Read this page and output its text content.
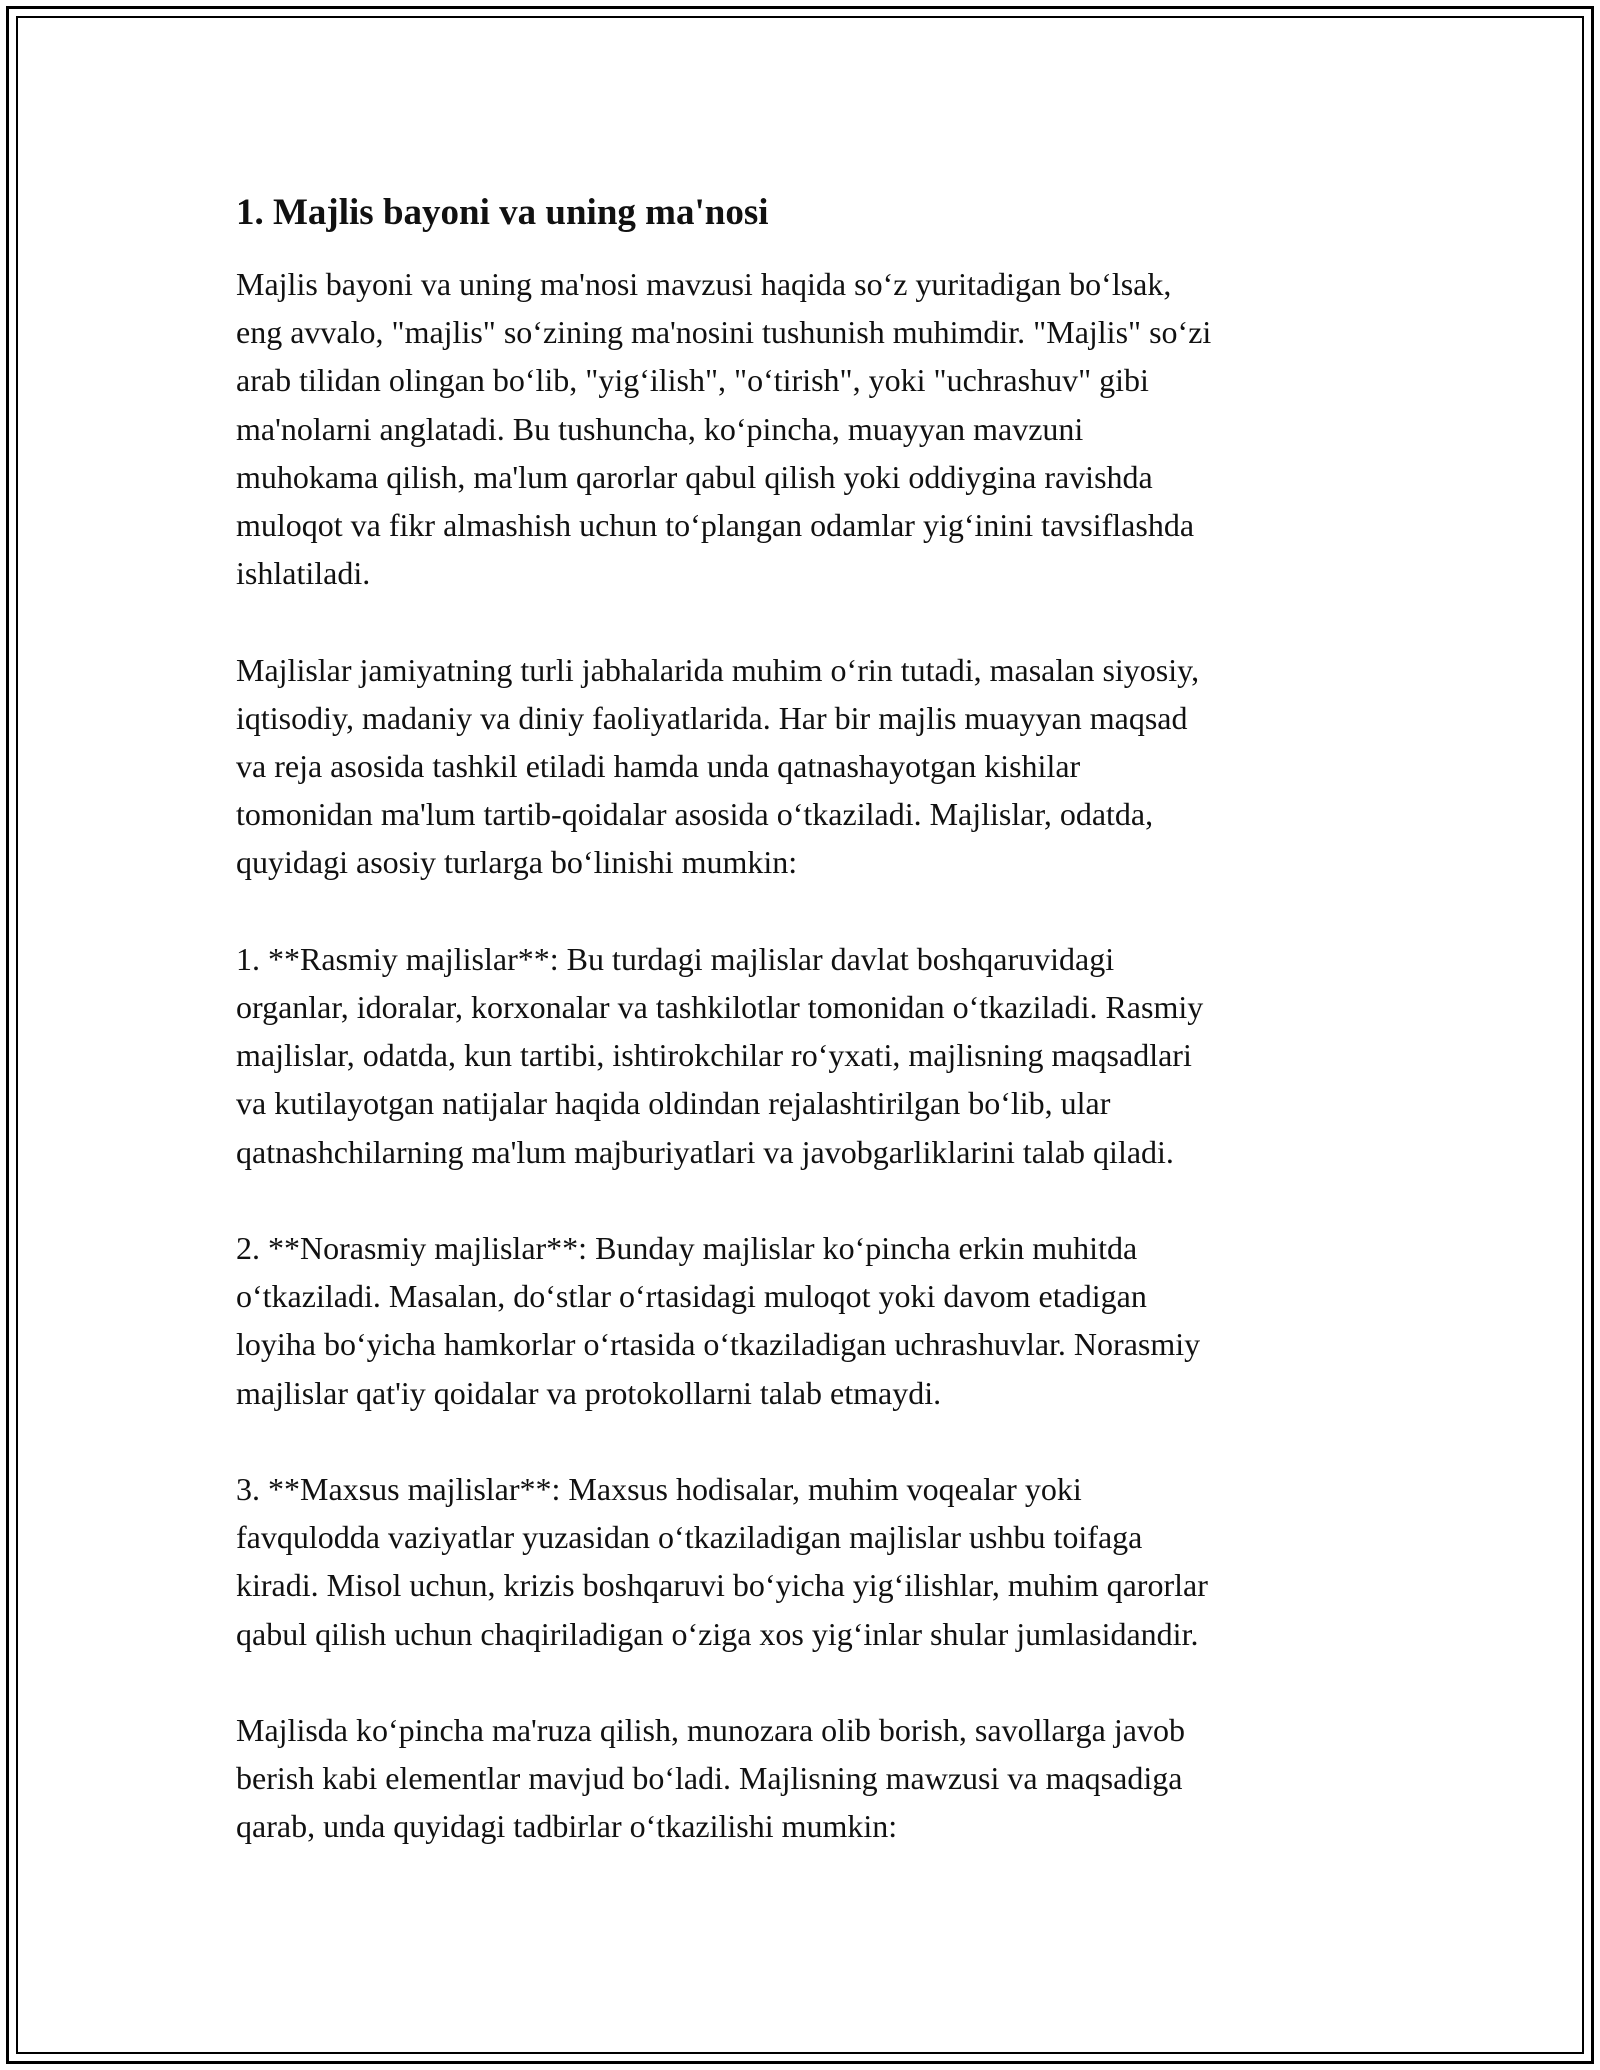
1. Majlis bayoni va uning ma'nosi

Majlis bayoni va uning ma'nosi mavzusi haqida so‘z yuritadigan bo‘lsak,
eng avvalo, "majlis" so‘zining ma'nosini tushunish muhimdir. "Majlis" so‘zi
arab tilidan olingan bo‘lib, "yig‘ilish", "o‘tirish", yoki "uchrashuv" gibi
ma'nolarni anglatadi. Bu tushuncha, ko‘pincha, muayyan mavzuni
muhokama qilish, ma'lum qarorlar qabul qilish yoki oddiygina ravishda
muloqot va fikr almashish uchun to‘plangan odamlar yig‘inini tavsiflashda
ishlatiladi.

Majlislar jamiyatning turli jabhalarida muhim o‘rin tutadi, masalan siyosiy,
iqtisodiy, madaniy va diniy faoliyatlarida. Har bir majlis muayyan maqsad
va reja asosida tashkil etiladi hamda unda qatnashayotgan kishilar
tomonidan ma'lum tartib-qoidalar asosida o‘tkaziladi. Majlislar, odatda,
quyidagi asosiy turlarga bo‘linishi mumkin:

1. **Rasmiy majlislar**: Bu turdagi majlislar davlat boshqaruvidagi
organlar, idoralar, korxonalar va tashkilotlar tomonidan o‘tkaziladi. Rasmiy
majlislar, odatda, kun tartibi, ishtirokchilar ro‘yxati, majlisning maqsadlari
va kutilayotgan natijalar haqida oldindan rejalashtirilgan bo‘lib, ular
qatnashchilarning ma'lum majburiyatlari va javobgarliklarini talab qiladi.

2. **Norasmiy majlislar**: Bunday majlislar ko‘pincha erkin muhitda
o‘tkaziladi. Masalan, do‘stlar o‘rtasidagi muloqot yoki davom etadigan
loyiha bo‘yicha hamkorlar o‘rtasida o‘tkaziladigan uchrashuvlar. Norasmiy
majlislar qat'iy qoidalar va protokollarni talab etmaydi.

3. **Maxsus majlislar**: Maxsus hodisalar, muhim voqealar yoki
favqulodda vaziyatlar yuzasidan o‘tkaziladigan majlislar ushbu toifaga
kiradi. Misol uchun, krizis boshqaruvi bo‘yicha yig‘ilishlar, muhim qarorlar
qabul qilish uchun chaqiriladigan o‘ziga xos yig‘inlar shular jumlasidandir.

Majlisda ko‘pincha ma'ruza qilish, munozara olib borish, savollarga javob
berish kabi elementlar mavjud bo‘ladi. Majlisning mawzusi va maqsadiga
qarab, unda quyidagi tadbirlar o‘tkazilishi mumkin:
